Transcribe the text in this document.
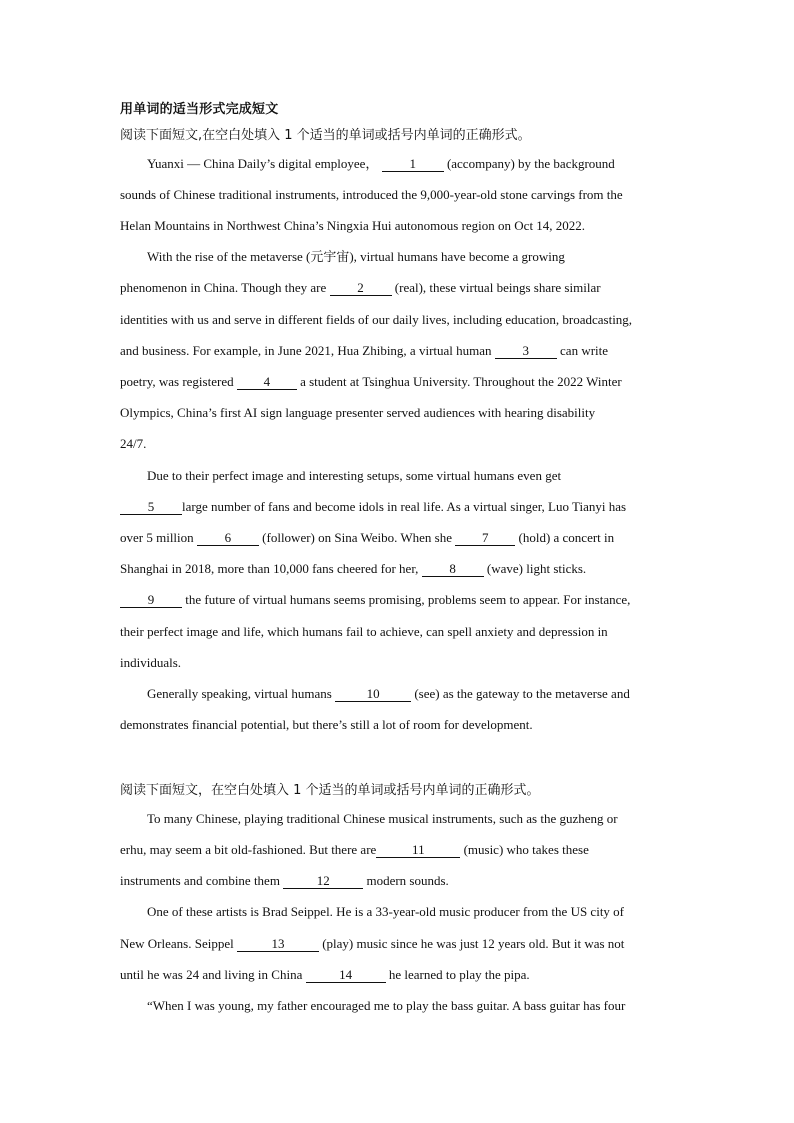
用单词的适当形式完成短文
阅读下面短文,在空白处填入 1 个适当的单词或括号内单词的正确形式。
Yuanxi — China Daily’s digital employee， 1 (accompany) by the background
sounds of Chinese traditional instruments, introduced the 9,000-year-old stone carvings from the
Helan Mountains in Northwest China’s Ningxia Hui autonomous region on Oct 14, 2022.
With the rise of the metaverse (元宇宙), virtual humans have become a growing
phenomenon in China. Though they are 2 (real), these virtual beings share similar
identities with us and serve in different fields of our daily lives, including education, broadcasting,
and business. For example, in June 2021, Hua Zhibing, a virtual human 3 can write
poetry, was registered 4 a student at Tsinghua University. Throughout the 2022 Winter
Olympics, China’s first AI sign language presenter served audiences with hearing disability
24/7.
Due to their perfect image and interesting setups, some virtual humans even get
5 large number of fans and become idols in real life. As a virtual singer, Luo Tianyi has
over 5 million 6 (follower) on Sina Weibo. When she 7 (hold) a concert in
Shanghai in 2018, more than 10,000 fans cheered for her, 8 (wave) light sticks.
9 the future of virtual humans seems promising, problems seem to appear. For instance,
their perfect image and life, which humans fail to achieve, can spell anxiety and depression in
individuals.
Generally speaking, virtual humans	10	(see) as the gateway to the metaverse and
demonstrates financial potential, but there’s still a lot of room for development.
阅读下面短文，在空白处填入 1 个适当的单词或括号内单词的正确形式。
To many Chinese, playing traditional Chinese musical instruments, such as the guzheng or
erhu, may seem a bit old-fashioned. But there are	11	(music) who takes these
instruments and combine them	12	modern sounds.
One of these artists is Brad Seippel. He is a 33-year-old music producer from the US city of
New Orleans. Seippel	13	(play) music since he was just 12 years old. But it was not
until he was 24 and living in China	14	he learned to play the pipa.
“When I was young, my father encouraged me to play the bass guitar. A bass guitar has four
